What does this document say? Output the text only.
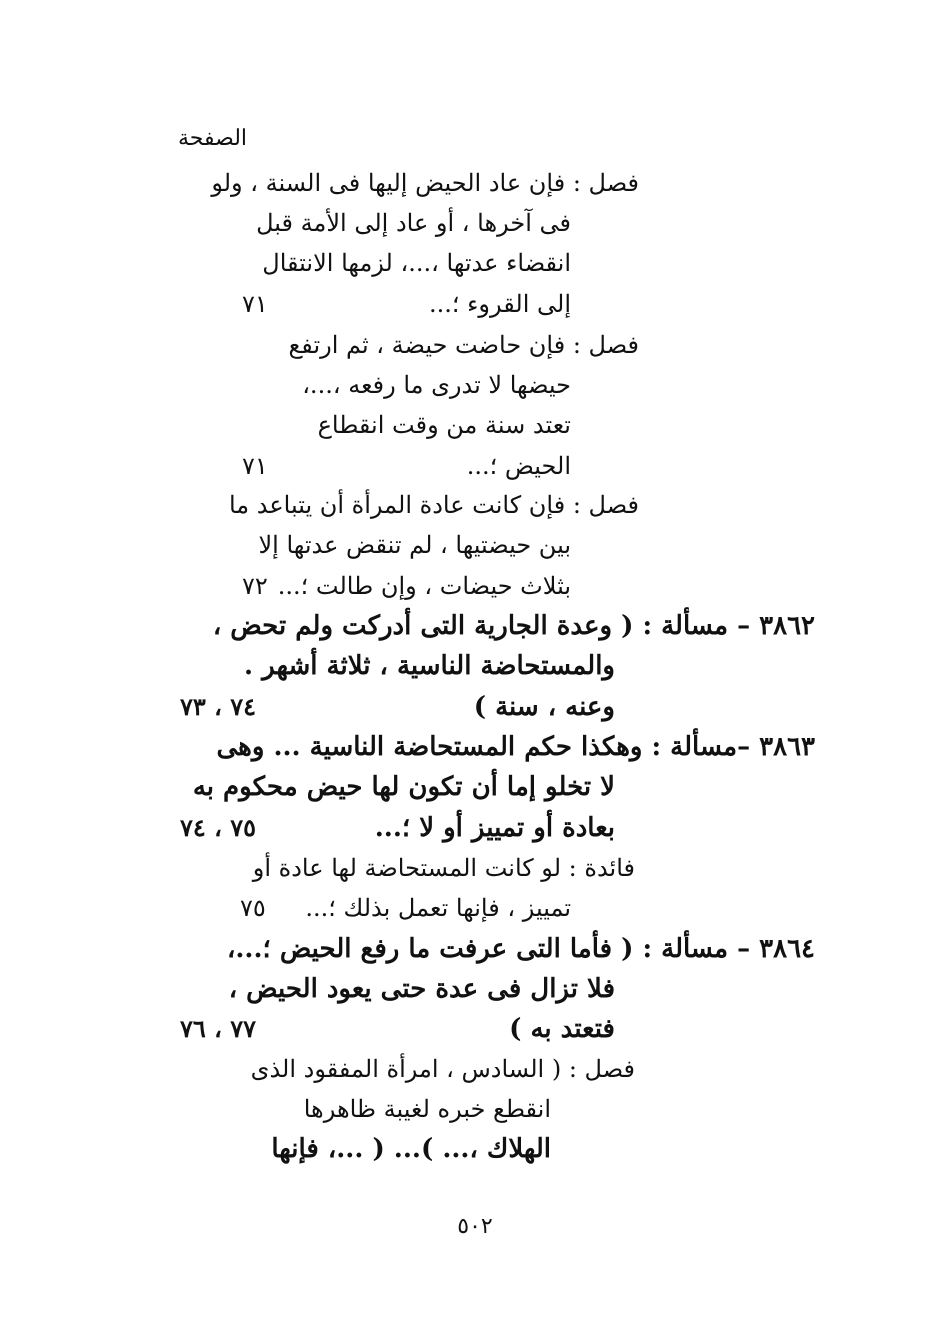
الصفحة
فصل : فإن عاد الحيض إليها فى السنة ، ولو
فى آخرها ، أو عاد إلى الأمة قبل
انقضاء عدتها ،...، لزمها الانتقال
إلى القروء ؛...
٧١
فصل : فإن حاضت حيضة ، ثم ارتفع
حيضها لا تدرى ما رفعه ،...،
تعتد سنة من وقت انقطاع
الحيض ؛...
٧١
فصل : فإن كانت عادة المرأة أن يتباعد ما
بين حيضتيها ، لم تنقض عدتها إلا
بثلاث حيضات ، وإن طالت ؛...
٧٢
٣٨٦٢ – مسألة : ( وعدة الجارية التى أدركت ولم تحض ،
والمستحاضة الناسية ، ثلاثة أشهر .
وعنه ، سنة )
٧٤ ، ٧٣
٣٨٦٣ –مسألة : وهكذا حكم المستحاضة الناسية ... وهى
لا تخلو إما أن تكون لها حيض محكوم به
بعادة أو تمييز أو لا ؛...
٧٥ ، ٧٤
فائدة : لو كانت المستحاضة لها عادة أو
تمييز ، فإنها تعمل بذلك ؛...
٧٥
٣٨٦٤ – مسألة : ( فأما التى عرفت ما رفع الحيض ؛...،
فلا تزال فى عدة حتى يعود الحيض ،
فتعتد به )
٧٧ ، ٧٦
فصل : ( السادس ، امرأة المفقود الذى
انقطع خبره لغيبة ظاهرها
الهلاك ،... )... ( ...، فإنها
٥٠٢
